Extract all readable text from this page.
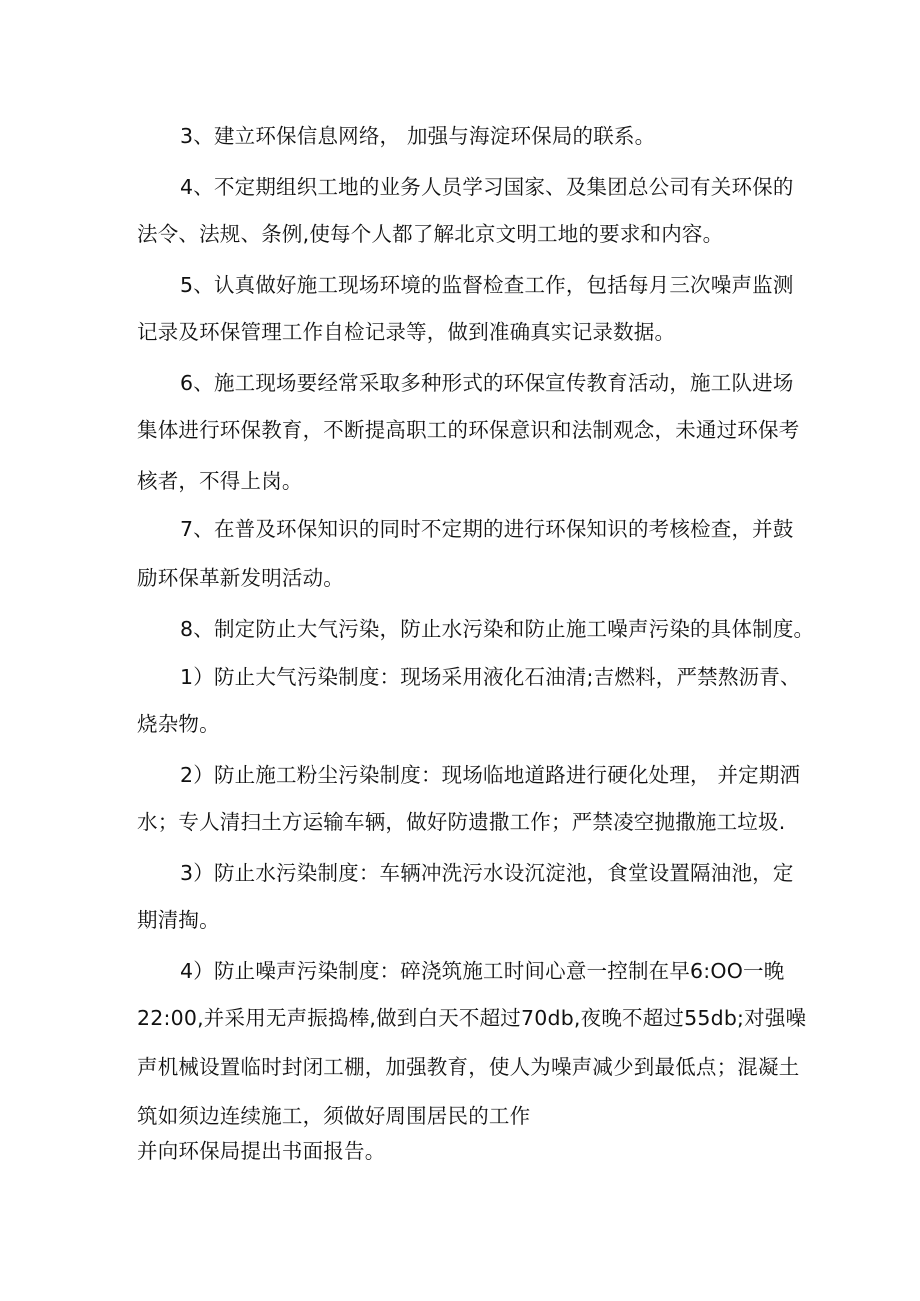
3、建立环保信息网络， 加强与海淀环保局的联系。
4、不定期组织工地的业务人员学习国家、及集团总公司有关环保的
法令、法规、条例,使每个人都了解北京文明工地的要求和内容。
5、认真做好施工现场环境的监督检查工作，包括每月三次噪声监测
记录及环保管理工作自检记录等，做到准确真实记录数据。
6、施工现场要经常采取多种形式的环保宣传教育活动，施工队进场
集体进行环保教育，不断提高职工的环保意识和法制观念，未通过环保考
核者，不得上岗。
7、在普及环保知识的同时不定期的进行环保知识的考核检查，并鼓
励环保革新发明活动。
8、制定防止大气污染，防止水污染和防止施工噪声污染的具体制度。
1）防止大气污染制度：现场采用液化石油清;吉燃料，严禁熬沥青、
烧杂物。
2）防止施工粉尘污染制度：现场临地道路进行硬化处理， 并定期洒
水；专人清扫土方运输车辆，做好防遗撒工作；严禁凌空抛撒施工垃圾.
3）防止水污染制度：车辆冲洗污水设沉淀池，食堂设置隔油池，定
期清掏。
4）防止噪声污染制度：碎浇筑施工时间心意一控制在早6:OO一晚
22:00,并采用无声振捣棒,做到白天不超过70db,夜晚不超过55db;对强噪
声机械设置临时封闭工棚，加强教育，使人为噪声减少到最低点；混凝土
筑如须边连续施工，须做好周围居民的工作
并向环保局提出书面报告。
